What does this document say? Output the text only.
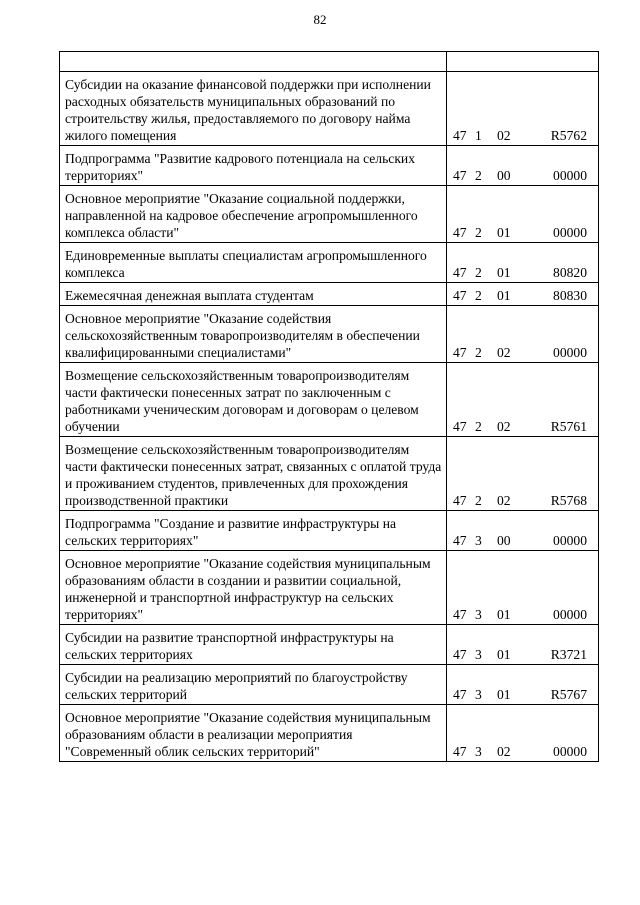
82

Субсидии на оказание финансовой поддержки при исполнении расходных обязательств муниципальных образований по строительству жилья, предоставляемого по договору найма жилого помещения	47 1 02 R5762
Подпрограмма "Развитие кадрового потенциала на сельских территориях"	47 2 00 00000
Основное мероприятие "Оказание социальной поддержки, направленной на кадровое обеспечение агропромышленного комплекса области"	47 2 01 00000
Единовременные выплаты специалистам агропромышленного комплекса	47 2 01 80820
Ежемесячная денежная выплата студентам	47 2 01 80830
Основное мероприятие "Оказание содействия сельскохозяйственным товаропроизводителям в обеспечении квалифицированными специалистами"	47 2 02 00000
Возмещение сельскохозяйственным товаропроизводителям части фактически понесенных затрат по заключенным с работниками ученическим договорам и договорам о целевом обучении	47 2 02 R5761
Возмещение сельскохозяйственным товаропроизводителям части фактически понесенных затрат, связанных с оплатой труда и проживанием студентов, привлеченных для прохождения производственной практики	47 2 02 R5768
Подпрограмма "Создание и развитие инфраструктуры на сельских территориях"	47 3 00 00000
Основное мероприятие "Оказание содействия муниципальным образованиям области в создании и развитии социальной, инженерной и транспортной инфраструктур на сельских территориях"	47 3 01 00000
Субсидии на развитие транспортной инфраструктуры на сельских территориях	47 3 01 R3721
Субсидии на реализацию мероприятий по благоустройству сельских территорий	47 3 01 R5767
Основное мероприятие "Оказание содействия муниципальным образованиям области в реализации мероприятия "Современный облик сельских территорий"	47 3 02 00000
